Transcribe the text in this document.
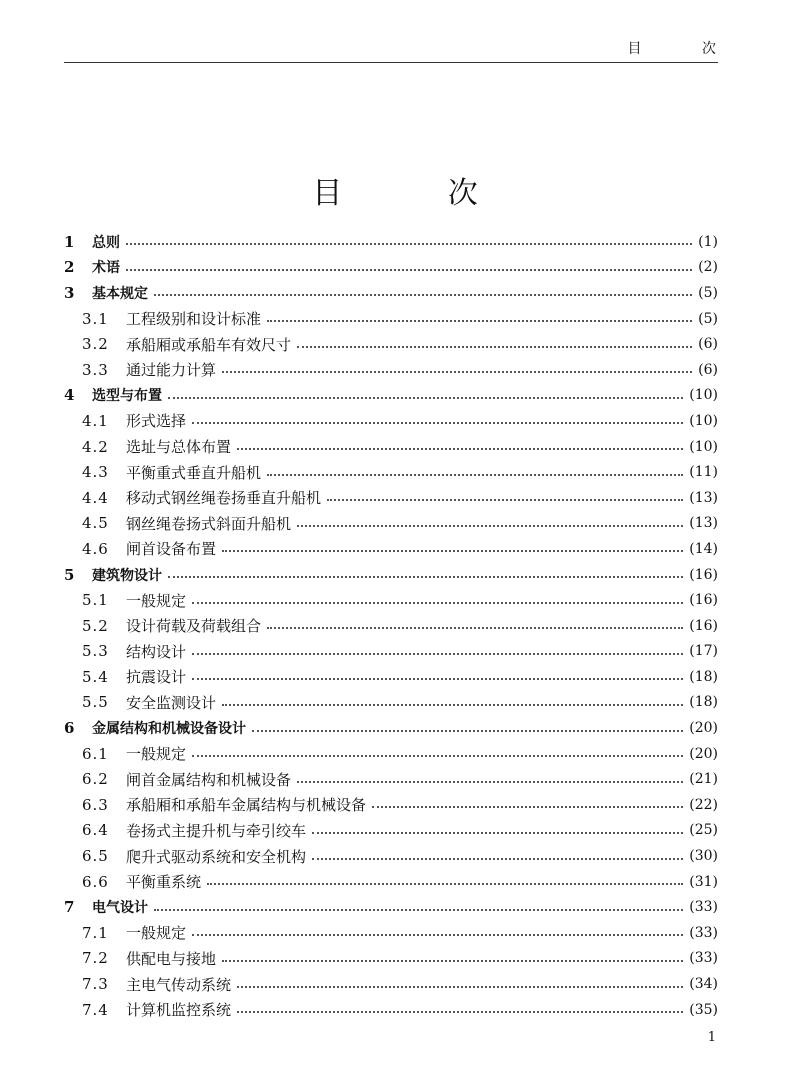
目 次
目 次
1	总则	(1)
2	术语	(2)
3	基本规定	(5)
3.1	工程级别和设计标准	(5)
3.2	承船厢或承船车有效尺寸	(6)
3.3	通过能力计算	(6)
4	选型与布置	(10)
4.1	形式选择	(10)
4.2	选址与总体布置	(10)
4.3	平衡重式垂直升船机	(11)
4.4	移动式钢丝绳卷扬垂直升船机	(13)
4.5	钢丝绳卷扬式斜面升船机	(13)
4.6	闸首设备布置	(14)
5	建筑物设计	(16)
5.1	一般规定	(16)
5.2	设计荷载及荷载组合	(16)
5.3	结构设计	(17)
5.4	抗震设计	(18)
5.5	安全监测设计	(18)
6	金属结构和机械设备设计	(20)
6.1	一般规定	(20)
6.2	闸首金属结构和机械设备	(21)
6.3	承船厢和承船车金属结构与机械设备	(22)
6.4	卷扬式主提升机与牵引绞车	(25)
6.5	爬升式驱动系统和安全机构	(30)
6.6	平衡重系统	(31)
7	电气设计	(33)
7.1	一般规定	(33)
7.2	供配电与接地	(33)
7.3	主电气传动系统	(34)
7.4	计算机监控系统	(35)
1
